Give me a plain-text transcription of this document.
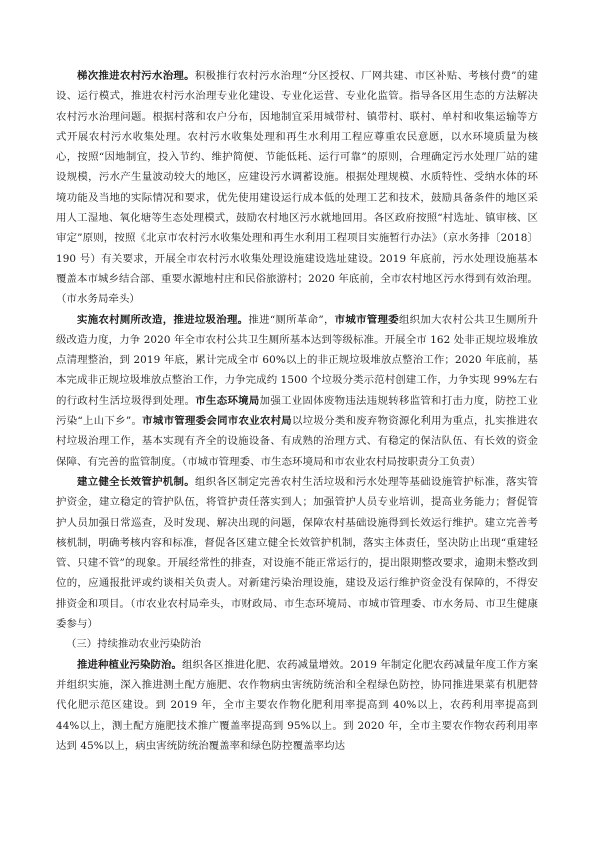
梯次推进农村污水治理。积极推行农村污水治理“分区授权、厂网共建、市区补贴、考核付费”的建设、运行模式，推进农村污水治理专业化建设、专业化运营、专业化监管。指导各区用生态的方法解决农村污水治理问题。根据村落和农户分布，因地制宜采用城带村、镇带村、联村、单村和收集运输等方式开展农村污水收集处理。农村污水收集处理和再生水利用工程应尊重农民意愿，以水环境质量为核心，按照“因地制宜，投入节约、维护简便、节能低耗、运行可靠”的原则，合理确定污水处理厂站的建设规模，污水产生量波动较大的地区，应建设污水调蓄设施。根据处理规模、水质特性、受纳水体的环境功能及当地的实际情况和要求，优先使用建设运行成本低的处理工艺和技术，鼓励具备条件的地区采用人工湿地、氧化塘等生态处理模式，鼓励农村地区污水就地回用。各区政府按照“村选址、镇审核、区审定”原则，按照《北京市农村污水收集处理和再生水利用工程项目实施暂行办法》（京水务排〔2018〕190 号）有关要求，开展全市农村污水收集处理设施建设选址建设。2019 年底前，污水处理设施基本覆盖本市城乡结合部、重要水源地村庄和民俗旅游村；2020 年底前，全市农村地区污水得到有效治理。（市水务局牵头）

实施农村厕所改造，推进垃圾治理。推进“厕所革命”，市城市管理委组织加大农村公共卫生厕所升级改造力度，力争 2020 年全市农村公共卫生厕所基本达到等级标准。开展全市 162 处非正规垃圾堆放点清理整治，到 2019 年底，累计完成全市 60%以上的非正规垃圾堆放点整治工作；2020 年底前，基本完成非正规垃圾堆放点整治工作，力争完成约 1500 个垃圾分类示范村创建工作，力争实现 99%左右的行政村生活垃圾得到处理。市生态环境局加强工业固体废物违法违规转移监管和打击力度，防控工业污染“上山下乡”。市城市管理委会同市农业农村局以垃圾分类和废弃物资源化利用为重点，扎实推进农村垃圾治理工作，基本实现有齐全的设施设备、有成熟的治理方式、有稳定的保洁队伍、有长效的资金保障、有完善的监管制度。（市城市管理委、市生态环境局和市农业农村局按职责分工负责）

建立健全长效管护机制。组织各区制定完善农村生活垃圾和污水处理等基础设施管护标准，落实管护资金，建立稳定的管护队伍，将管护责任落实到人；加强管护人员专业培训，提高业务能力；督促管护人员加强日常巡查，及时发现、解决出现的问题，保障农村基础设施得到长效运行维护。建立完善考核机制，明确考核内容和标准，督促各区建立健全长效管护机制，落实主体责任，坚决防止出现“重建轻管、只建不管”的现象。开展经常性的排查，对设施不能正常运行的，提出限期整改要求，逾期未整改到位的，应通报批评或约谈相关负责人。对新建污染治理设施，建设及运行维护资金没有保障的，不得安排资金和项目。（市农业农村局牵头，市财政局、市生态环境局、市城市管理委、市水务局、市卫生健康委参与）

（三）持续推动农业污染防治

推进种植业污染防治。组织各区推进化肥、农药减量增效。2019 年制定化肥农药减量年度工作方案并组织实施，深入推进测土配方施肥、农作物病虫害统防统治和全程绿色防控，协同推进果菜有机肥替代化肥示范区建设。到 2019 年，全市主要农作物化肥利用率提高到 40%以上，农药利用率提高到 44%以上，测土配方施肥技术推广覆盖率提高到 95%以上。到 2020 年，全市主要农作物农药利用率达到 45%以上，病虫害统防统治覆盖率和绿色防控覆盖率均达
